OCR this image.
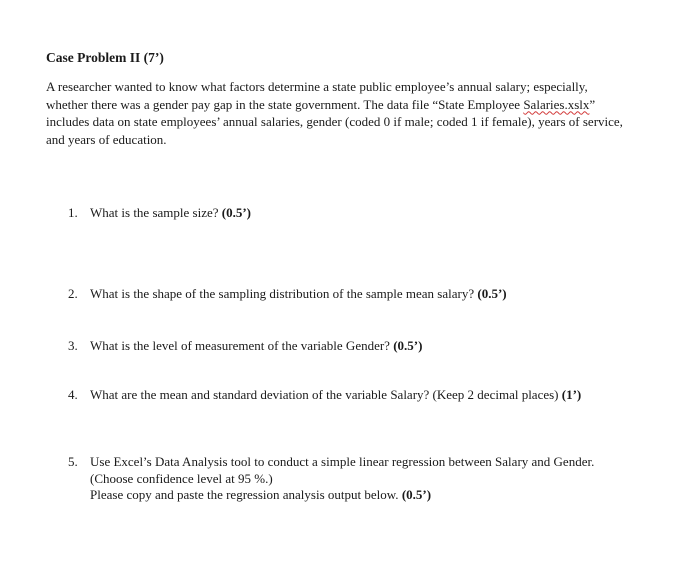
Case Problem II (7’)

A researcher wanted to know what factors determine a state public employee’s annual salary; especially,
whether there was a gender pay gap in the state government. The data file “State Employee Salaries.xslx”
includes data on state employees’ annual salaries, gender (coded 0 if male; coded 1 if female), years of service,
and years of education.

1. What is the sample size? (0.5’)
2. What is the shape of the sampling distribution of the sample mean salary? (0.5’)
3. What is the level of measurement of the variable Gender? (0.5’)
4. What are the mean and standard deviation of the variable Salary? (Keep 2 decimal places) (1’)
5. Use Excel’s Data Analysis tool to conduct a simple linear regression between Salary and Gender.
(Choose confidence level at 95 %.)
Please copy and paste the regression analysis output below. (0.5’)
